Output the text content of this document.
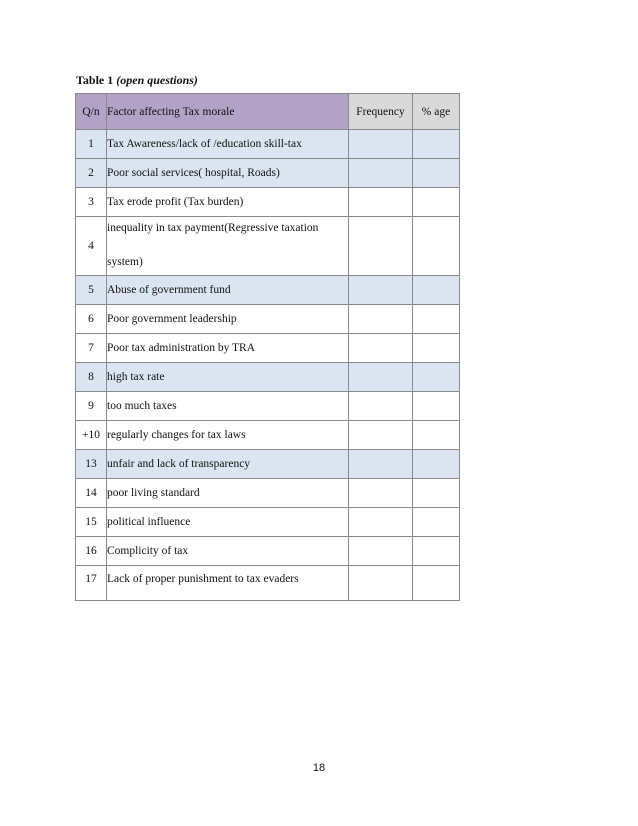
Table 1 (open questions)
Q/n	Factor affecting Tax morale	Frequency	% age
1	Tax Awareness/lack of /education skill-tax		
2	Poor social services( hospital, Roads)		
3	Tax erode profit (Tax burden)		
4	inequality in tax payment(Regressive taxation
system)		

5	Abuse of government fund		
6	Poor government leadership		
7	Poor tax administration by TRA		
8	high tax rate		
9	too much taxes		
+10	regularly changes for tax laws		
13	unfair and lack of transparency		
14	poor living standard		
15	political influence		
16	Complicity of tax		
17	Lack of proper punishment to tax evaders		
18
